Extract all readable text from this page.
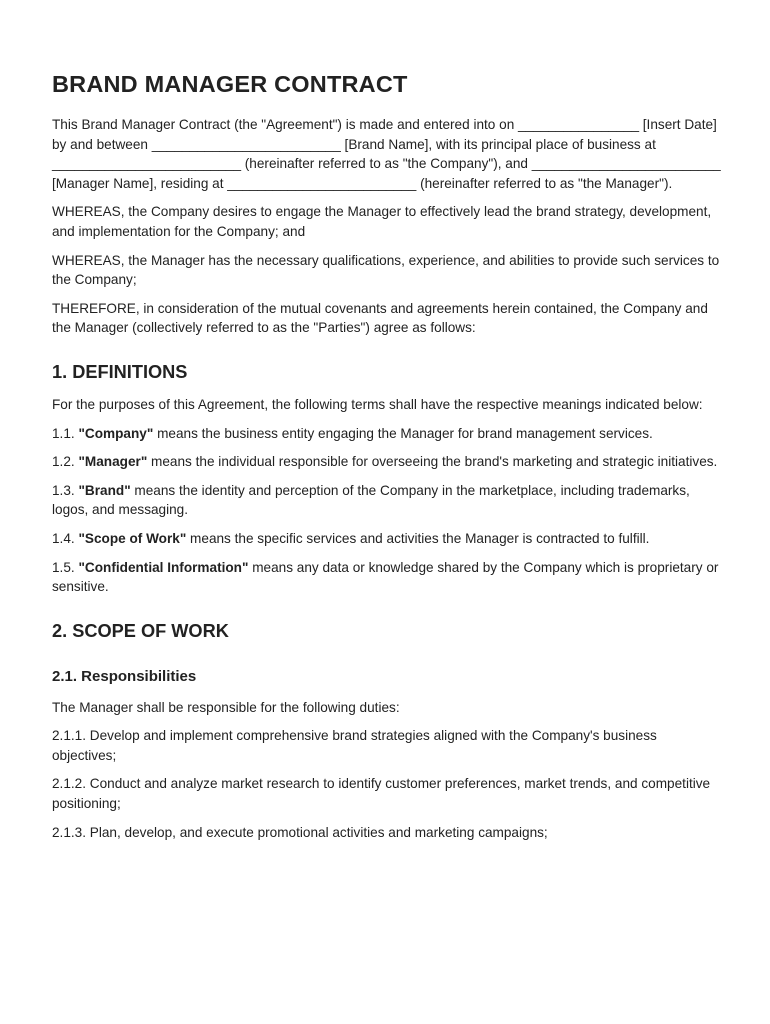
BRAND MANAGER CONTRACT

This Brand Manager Contract (the "Agreement") is made and entered into on ________________ [Insert Date] by and between _________________________ [Brand Name], with its principal place of business at _________________________ (hereinafter referred to as "the Company"), and _________________________ [Manager Name], residing at _________________________ (hereinafter referred to as "the Manager").

WHEREAS, the Company desires to engage the Manager to effectively lead the brand strategy, development, and implementation for the Company; and

WHEREAS, the Manager has the necessary qualifications, experience, and abilities to provide such services to the Company;

THEREFORE, in consideration of the mutual covenants and agreements herein contained, the Company and the Manager (collectively referred to as the "Parties") agree as follows:

1. DEFINITIONS

For the purposes of this Agreement, the following terms shall have the respective meanings indicated below:

1.1. "Company" means the business entity engaging the Manager for brand management services.

1.2. "Manager" means the individual responsible for overseeing the brand's marketing and strategic initiatives.

1.3. "Brand" means the identity and perception of the Company in the marketplace, including trademarks, logos, and messaging.

1.4. "Scope of Work" means the specific services and activities the Manager is contracted to fulfill.

1.5. "Confidential Information" means any data or knowledge shared by the Company which is proprietary or sensitive.

2. SCOPE OF WORK
2.1. Responsibilities

The Manager shall be responsible for the following duties:

2.1.1. Develop and implement comprehensive brand strategies aligned with the Company's business objectives;

2.1.2. Conduct and analyze market research to identify customer preferences, market trends, and competitive positioning;

2.1.3. Plan, develop, and execute promotional activities and marketing campaigns;
